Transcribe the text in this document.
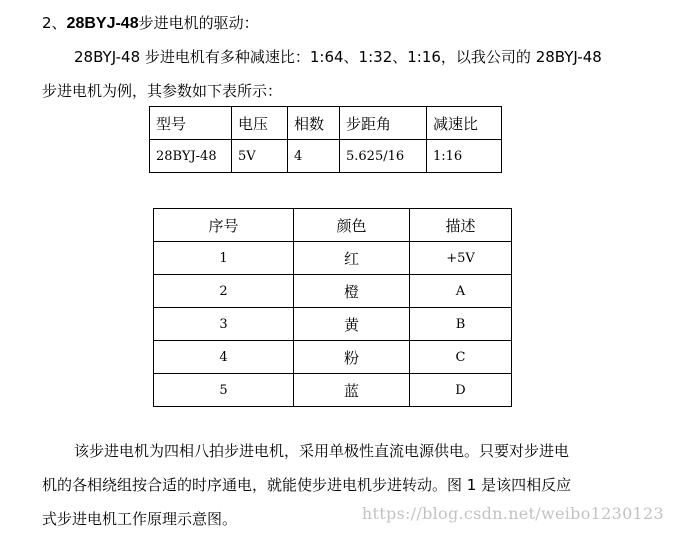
2、28BYJ-48步进电机的驱动：
28BYJ-48 步进电机有多种减速比：1:64、1:32、1:16，以我公司的 28BYJ-48
步进电机为例，其参数如下表所示：
型号	电压	相数	步距角	减速比
28BYJ-48	5V	4	5.625/16	1:16
序号	颜色	描述
1	红	+5V
2	橙	A
3	黄	B
4	粉	C
5	蓝	D
该步进电机为四相八拍步进电机，采用单极性直流电源供电。只要对步进电
机的各相绕组按合适的时序通电，就能使步进电机步进转动。图 1 是该四相反应
式步进电机工作原理示意图。	https://blog.csdn.net/weibo1230123
